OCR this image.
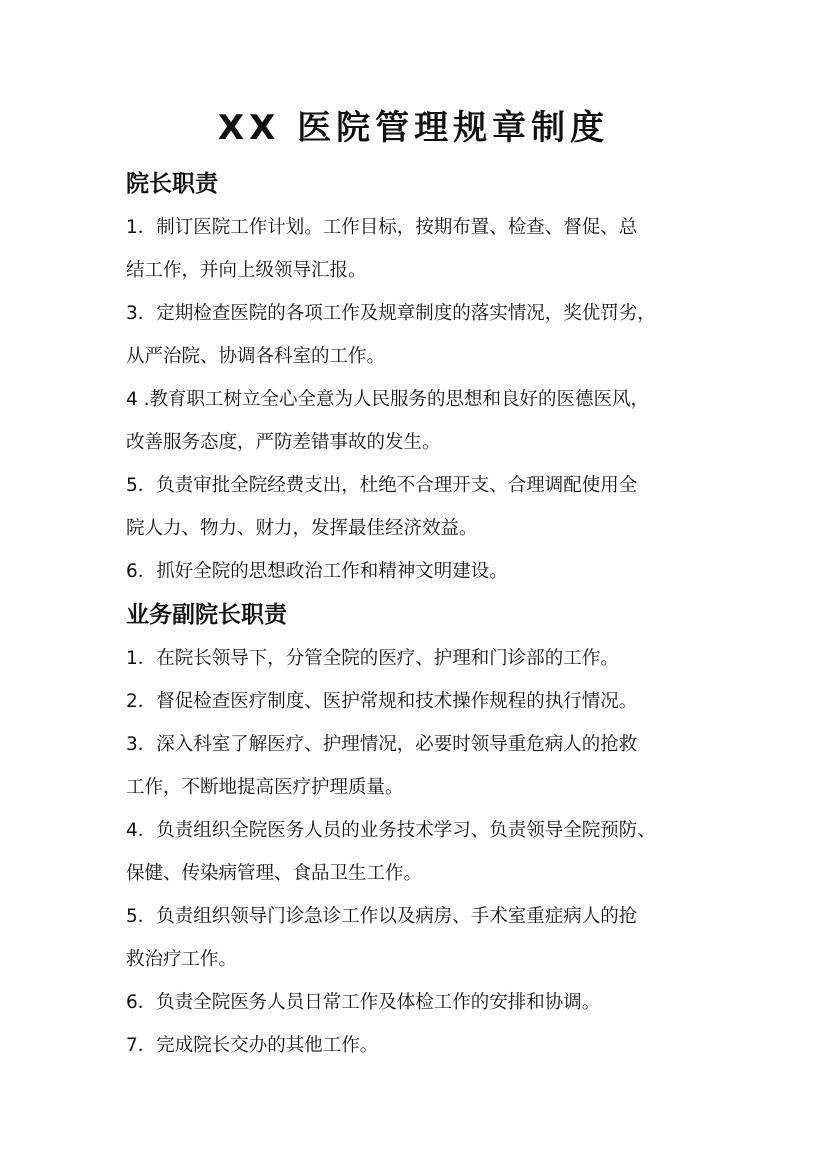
XX 医院管理规章制度
院长职责

1．制订医院工作计划。工作目标，按期布置、检查、督促、总
结工作，并向上级领导汇报。

3．定期检查医院的各项工作及规章制度的落实情况，奖优罚劣，
从严治院、协调各科室的工作。

4 .教育职工树立全心全意为人民服务的思想和良好的医德医风，
改善服务态度，严防差错事故的发生。

5．负责审批全院经费支出，杜绝不合理开支、合理调配使用全
院人力、物力、财力，发挥最佳经济效益。

6．抓好全院的思想政治工作和精神文明建设。

业务副院长职责

1．在院长领导下，分管全院的医疗、护理和门诊部的工作。

2．督促检查医疗制度、医护常规和技术操作规程的执行情况。

3．深入科室了解医疗、护理情况，必要时领导重危病人的抢救
工作，不断地提高医疗护理质量。

4．负责组织全院医务人员的业务技术学习、负责领导全院预防、
保健、传染病管理、食品卫生工作。

5．负责组织领导门诊急诊工作以及病房、手术室重症病人的抢
救治疗工作。

6．负责全院医务人员日常工作及体检工作的安排和协调。

7．完成院长交办的其他工作。
